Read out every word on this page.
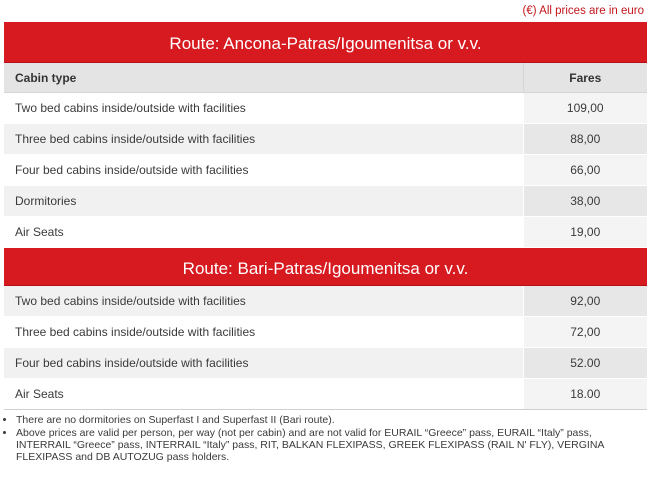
(€) All prices are in euro
Route: Ancona-Patras/Igoumenitsa or v.v.
Cabin type	Fares
Two bed cabins inside/outside with facilities	109,00
Three bed cabins inside/outside with facilities	88,00
Four bed cabins inside/outside with facilities	66,00
Dormitories	38,00
Air Seats	19,00
Route: Bari-Patras/Igoumenitsa or v.v.
Two bed cabins inside/outside with facilities	92,00
Three bed cabins inside/outside with facilities	72,00
Four bed cabins inside/outside with facilities	52.00
Air Seats	18.00
• There are no dormitories on Superfast I and Superfast II (Bari route).
• Above prices are valid per person, per way (not per cabin) and are not valid for EURAIL “Greece” pass, EURAIL “Italy” pass, INTERRAIL “Greece” pass, INTERRAIL “Italy” pass, RIT, BALKAN FLEXIPASS, GREEK FLEXIPASS (RAIL N' FLY), VERGINA FLEXIPASS and DB AUTOZUG pass holders.
